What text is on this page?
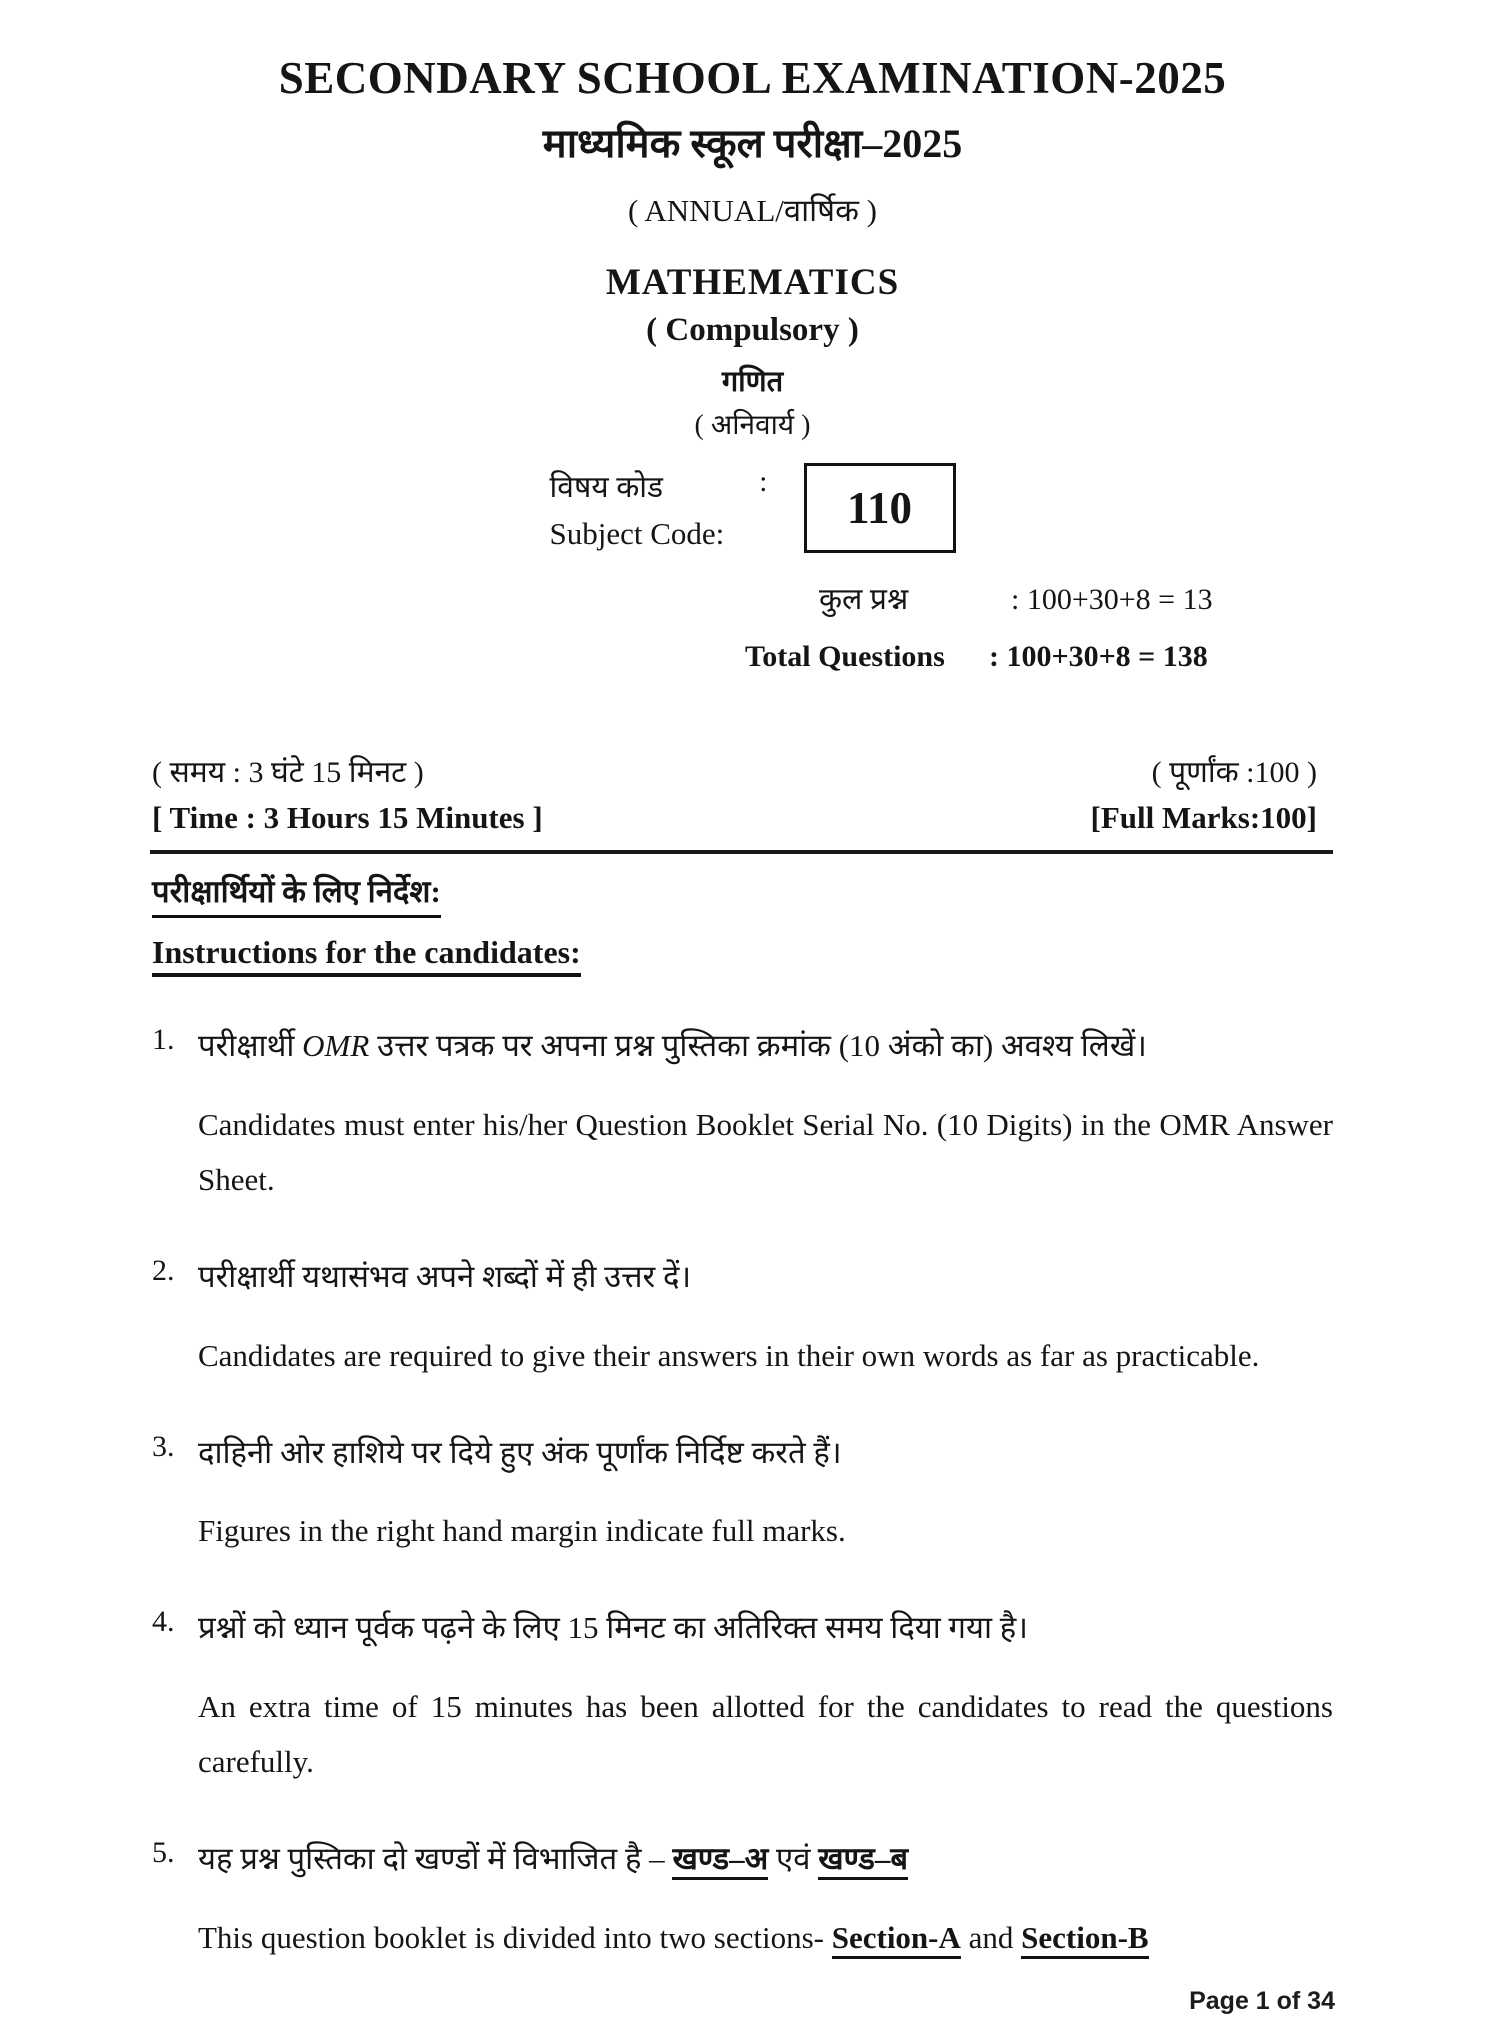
SECONDARY SCHOOL EXAMINATION-2025
माध्यमिक स्कूल परीक्षा–2025
( ANNUAL/वार्षिक )
MATHEMATICS
( Compulsory )
गणित
( अनिवार्य )
विषय कोड	:
Subject Code:	110
कुल प्रश्न	: 100+30+8 = 13
Total Questions	: 100+30+8 = 138
( समय : 3 घंटे 15 मिनट )
[ Time : 3 Hours 15 Minutes ]
( पूर्णांक :100 )
[Full Marks:100]
परीक्षार्थियों के लिए निर्देश:
Instructions for the candidates:
1. परीक्षार्थी OMR उत्तर पत्रक पर अपना प्रश्न पुस्तिका क्रमांक (10 अंको का) अवश्य लिखें।

Candidates must enter his/her Question Booklet Serial No. (10 Digits) in the OMR Answer Sheet.

2. परीक्षार्थी यथासंभव अपने शब्दों में ही उत्तर दें।

Candidates are required to give their answers in their own words as far as practicable.

3. दाहिनी ओर हाशिये पर दिये हुए अंक पूर्णांक निर्दिष्ट करते हैं।

Figures in the right hand margin indicate full marks.

4. प्रश्नों को ध्यान पूर्वक पढ़ने के लिए 15 मिनट का अतिरिक्त समय दिया गया है।

An extra time of 15 minutes has been allotted for the candidates to read the questions carefully.

5. यह प्रश्न पुस्तिका दो खण्डों में विभाजित है – खण्ड–अ एवं खण्ड–ब

This question booklet is divided into two sections- Section-A and Section-B

Page 1 of 34
